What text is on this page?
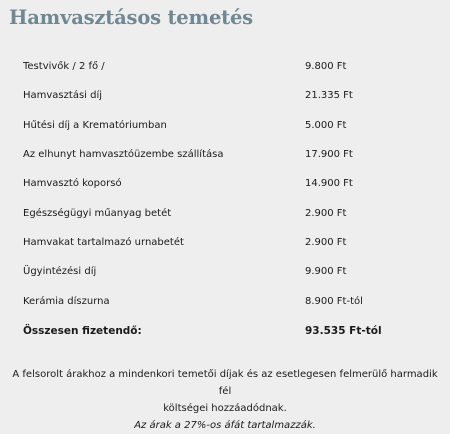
Hamvasztásos temetés
Testvivők / 2 fő /	9.800 Ft
Hamvasztási díj	21.335 Ft
Hűtési díj a Krematóriumban	5.000 Ft
Az elhunyt hamvasztóüzembe szállítása	17.900 Ft
Hamvasztó koporsó	14.900 Ft
Egészségügyi műanyag betét	2.900 Ft
Hamvakat tartalmazó urnabetét	2.900 Ft
Ügyintézési díj	9.900 Ft
Kerámia díszurna	8.900 Ft-tól
Összesen fizetendő:	93.535 Ft-tól

A felsorolt árakhoz a mindenkori temetői díjak és az esetlegesen felmerülő harmadik fél
költségei hozzáadódnak.

Az árak a 27%-os áfát tartalmazzák.
